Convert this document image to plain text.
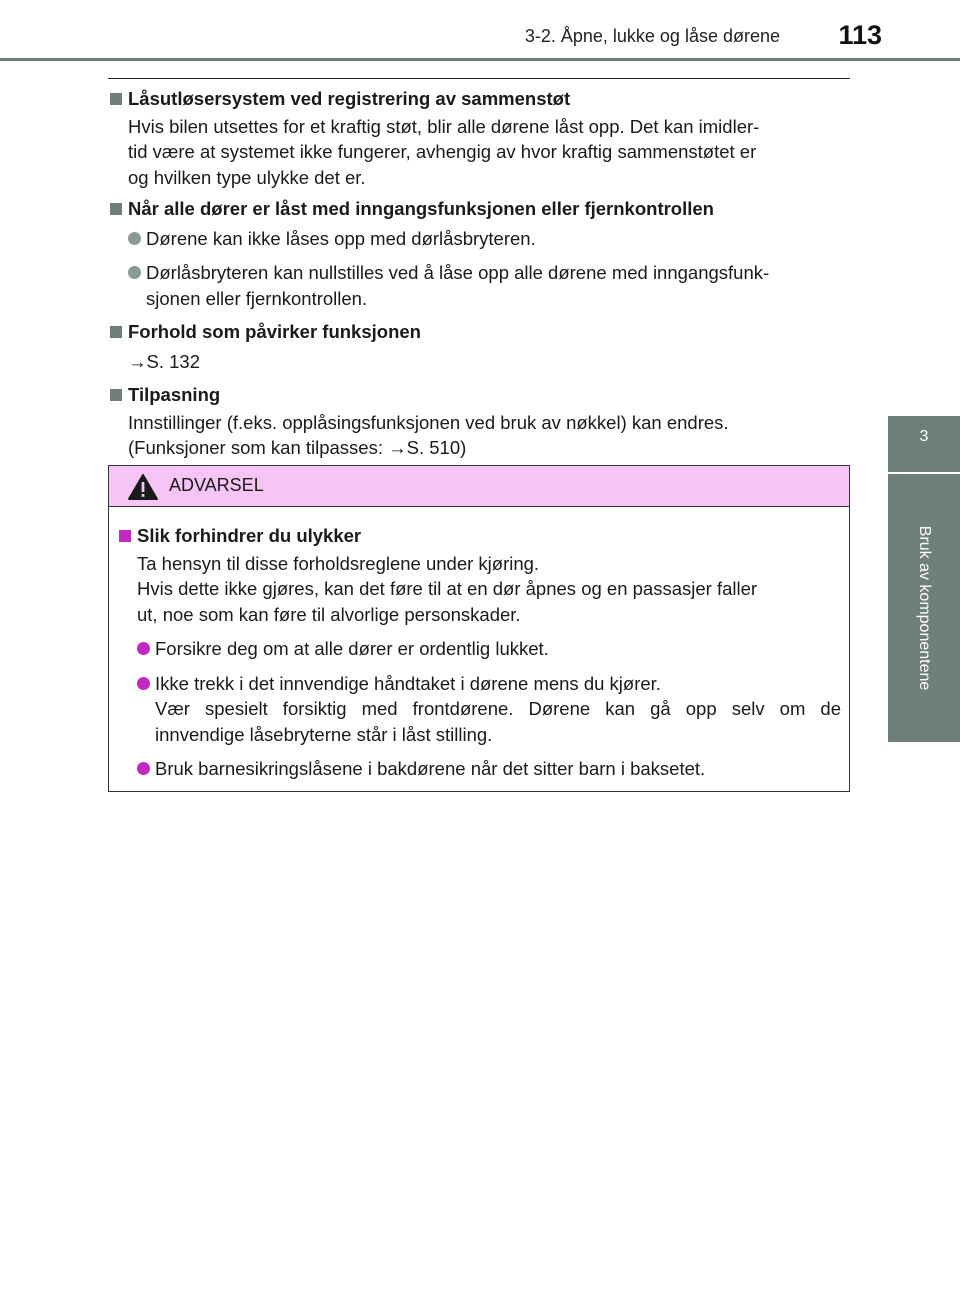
3-2. Åpne, lukke og låse dørene 113
3
Bruk av komponentene
Låsutløsersystem ved registrering av sammenstøt
Hvis bilen utsettes for et kraftig støt, blir alle dørene låst opp. Det kan imidler-
tid være at systemet ikke fungerer, avhengig av hvor kraftig sammenstøtet er
og hvilken type ulykke det er.
Når alle dører er låst med inngangsfunksjonen eller fjernkontrollen
Dørene kan ikke låses opp med dørlåsbryteren.
Dørlåsbryteren kan nullstilles ved å låse opp alle dørene med inngangsfunk-
sjonen eller fjernkontrollen.
Forhold som påvirker funksjonen
→S. 132
Tilpasning
Innstillinger (f.eks. opplåsingsfunksjonen ved bruk av nøkkel) kan endres.
(Funksjoner som kan tilpasses: →S. 510)
ADVARSEL
Slik forhindrer du ulykker
Ta hensyn til disse forholdsreglene under kjøring.
Hvis dette ikke gjøres, kan det føre til at en dør åpnes og en passasjer faller
ut, noe som kan føre til alvorlige personskader.
Forsikre deg om at alle dører er ordentlig lukket.
Ikke trekk i det innvendige håndtaket i dørene mens du kjører.
Vær spesielt forsiktig med frontdørene. Dørene kan gå opp selv om de
innvendige låsebryterne står i låst stilling.
Bruk barnesikringslåsene i bakdørene når det sitter barn i baksetet.
